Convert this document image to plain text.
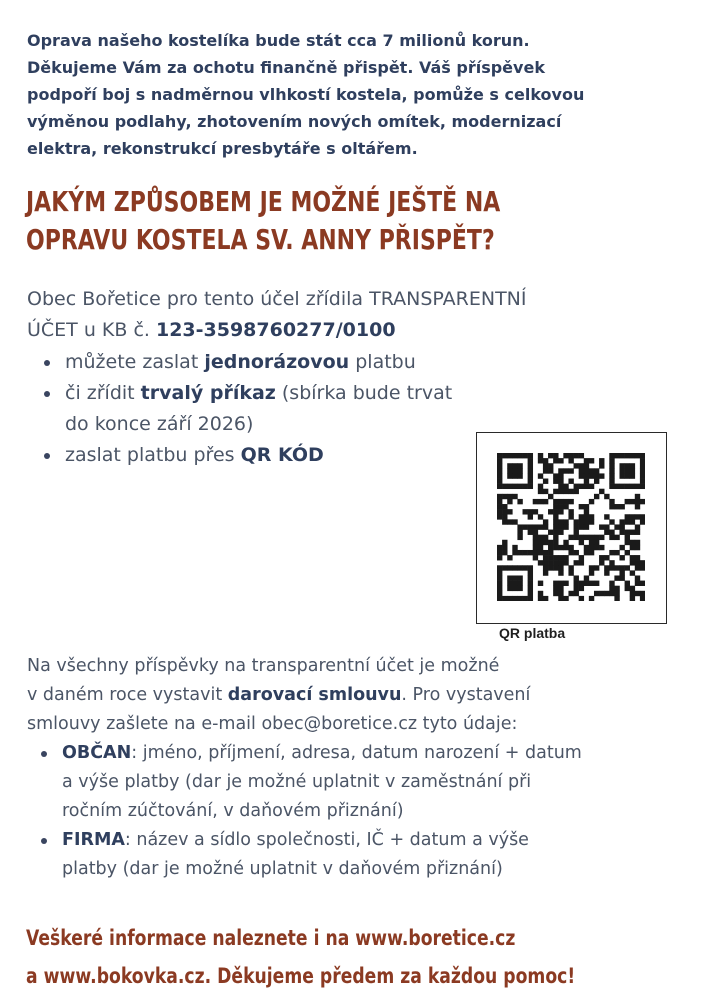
Oprava našeho kostelíka bude stát cca 7 milionů korun.
Děkujeme Vám za ochotu finančně přispět. Váš příspěvek
podpoří boj s nadměrnou vlhkostí kostela, pomůže s celkovou
výměnou podlahy, zhotovením nových omítek, modernizací
elektra, rekonstrukcí presbytáře s oltářem.

JAKÝM ZPŮSOBEM JE MOŽNÉ JEŠTĚ NA
OPRAVU KOSTELA SV. ANNY PŘISPĚT?

Obec Bořetice pro tento účel zřídila TRANSPARENTNÍ
ÚČET u KB č. 123-3598760277/0100

můžete zaslat jednorázovou platbu
či zřídit trvalý příkaz (sbírka bude trvat
do konce září 2026)
zaslat platbu přes QR KÓD

QR platba

Na všechny příspěvky na transparentní účet je možné
v daném roce vystavit darovací smlouvu. Pro vystavení
smlouvy zašlete na e-mail obec@boretice.cz tyto údaje:

OBČAN: jméno, příjmení, adresa, datum narození + datum
a výše platby (dar je možné uplatnit v zaměstnání při
ročním zúčtování, v daňovém přiznání)
FIRMA: název a sídlo společnosti, IČ + datum a výše
platby (dar je možné uplatnit v daňovém přiznání)

Veškeré informace naleznete i na www.boretice.cz
a www.bokovka.cz. Děkujeme předem za každou pomoc!
